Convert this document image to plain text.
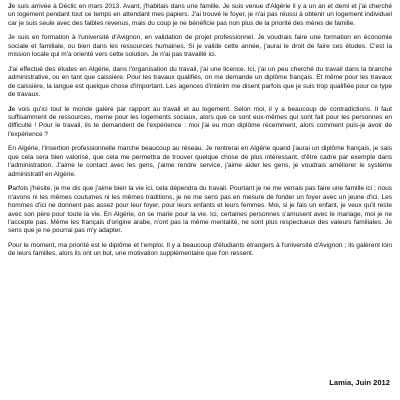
Je suis arrivée à Déclic en mars 2013. Avant, j'habitais dans une famille. Je suis venue d'Algérie il y a un an et demi et j'ai cherché un logement pendant tout ce temps en attendant mes papiers. J'ai trouvé le foyer, je n'ai pas réussi à obtenir un logement individuel car je suis seule avec des faibles revenus, mais du coup je ne bénéficie pas non plus de la priorité des mères de famille.

Je suis en formation à l'université d'Avignon, en validation de projet professionnel. Je voudrais faire une formation en économie sociale et familiale, ou bien dans les ressources humaines. Si je valide cette année, j'aurai le droit de faire ces études. C'est la mission locale qui m'a orienté vers cette solution. Je n'ai pas travaillé ici.

J'ai effectué des études en Algérie, dans l'organisation du travail, j'ai une licence. Ici, j'ai un peu cherché du travail dans la branche administrative, ou en tant que caissière. Pour les travaux qualifiés, on me demande un diplôme français. Et même pour les travaux de caissière, la langue est quelque chose d'important. Les agences d'intérim me disent parfois que je suis trop qualifiée pour ce type de travaux.

Je vois qu'ici tout le monde galère par rapport au travail et au logement. Selon moi, il y a beaucoup de contradictions. Il faut suffisamment de ressources, meme pour les logements sociaux, alors que ce sont eux-mêmes qui sont fait pour les personnes en difficulté ! Pour le travail, ils te demandent de l'expérience : moi j'ai eu mon diplôme récemment, alors comment puis-je avoir de l'expérience ?

En Algérie, l'insertion professionnelle marche beaucoup au réseau. Je rentrerai en Algérie quand j'aurai un diplôme français, je sais que cela sera bien valorisé, que cela me permettra de trouver quelque chose de plus intéressant, d'être cadre par exemple dans l'administration. J'aime le contact avec les gens, j'aime rendre service, j'aime aider les gens, je voudrais améliorer le système administratif en Algérie.

Parfois j'hésite, je me dis que j'aime bien la vie ici, cela dépendra du travail. Pourtant je ne me verrais pas faire une famille ici ; nous n'avons ni les mêmes coutumes ni les mêmes traditions, je ne me sens pas en mesure de fonder un foyer avec un jeune d'ici. Les hommes d'ici ne donnent pas assez pour leur foyer, pour leurs enfants et leurs femmes. Moi, si je fais un enfant, je veux qu'il reste avec son père pour toute la vie. En Algérie, on se marie pour la vie. Ici, certaines personnes s'amusent avec le mariage, moi je ne l'accepte pas. Même les français d'origine arabe, n'ont pas la même mentalité, ne sont plus respectueux des valeurs familiales. Je sens que je ne pourrai pas m'y adapter.

Pour le moment, ma priorité est le diplôme et l'emploi. Il y a beaucoup d'étudiants étrangers à l'université d'Avignon ; ils galèrent loin de leurs familles, alors ils ont un but, une motivation supplémentaire que l'on ressent.

Lamia, Juin 2012
